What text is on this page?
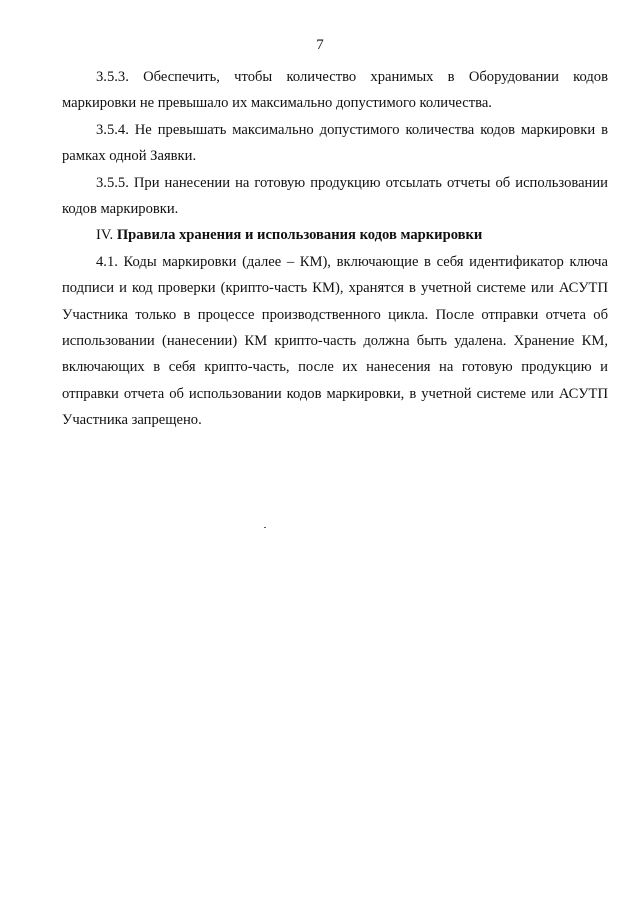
7

3.5.3. Обеспечить, чтобы количество хранимых в Оборудовании кодов маркировки не превышало их максимально допустимого количества.

3.5.4. Не превышать максимально допустимого количества кодов маркировки в рамках одной Заявки.

3.5.5. При нанесении на готовую продукцию отсылать отчеты об использовании кодов маркировки.

IV. Правила хранения и использования кодов маркировки

4.1. Коды маркировки (далее – КМ), включающие в себя идентификатор ключа подписи и код проверки (крипто-часть КМ), хранятся в учетной системе или АСУТП Участника только в процессе производственного цикла. После отправки отчета об использовании (нанесении) КМ крипто-часть должна быть удалена. Хранение КМ, включающих в себя крипто-часть, после их нанесения на готовую продукцию и отправки отчета об использовании кодов маркировки, в учетной системе или АСУТП Участника запрещено.
